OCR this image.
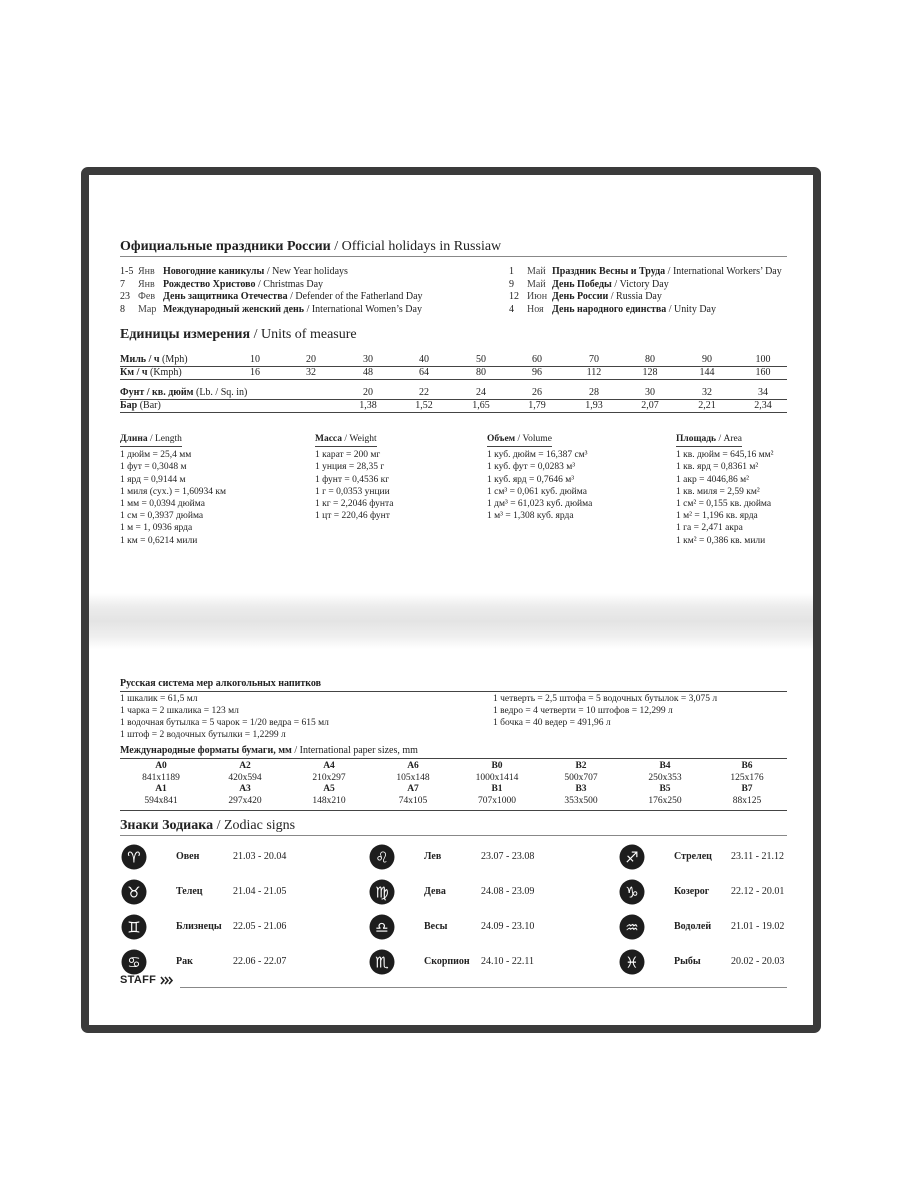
Официальные праздники России / Official holidays in Russiaw
1-5 Янв Новогодние каникулы / New Year holidays
7 Янв Рождество Христово / Christmas Day
23 Фев День защитника Отечества / Defender of the Fatherland Day
8 Мар Международный женский день / International Women’s Day
1 Май Праздник Весны и Труда / International Workers’ Day
9 Май День Победы / Victory Day
12 Июн День России / Russia Day
4 Ноя День народного единства / Unity Day
Единицы измерения / Units of measure
Миль / ч (Mph)	10	20	30	40	50	60	70	80	90	100
Км / ч (Kmph)	16	32	48	64	80	96	112	128	144	160
Фунт / кв. дюйм (Lb. / Sq. in)	20	22	24	26	28	30	32	34
Бар (Bar)	1,38	1,52	1,65	1,79	1,93	2,07	2,21	2,34
Длина / Length
1 дюйм = 25,4 мм
1 фут = 0,3048 м
1 ярд = 0,9144 м
1 миля (сух.) = 1,60934 км
1 мм = 0,0394 дюйма
1 см = 0,3937 дюйма
1 м = 1, 0936 ярда
1 км = 0,6214 мили
Масса / Weight
1 карат = 200 мг
1 унция = 28,35 г
1 фунт = 0,4536 кг
1 г = 0,0353 унции
1 кг = 2,2046 фунта
1 цт = 220,46 фунт
Объем / Volume
1 куб. дюйм = 16,387 см³
1 куб. фут = 0,0283 м³
1 куб. ярд = 0,7646 м³
1 см³ = 0,061 куб. дюйма
1 дм³ = 61,023 куб. дюйма
1 м³ = 1,308 куб. ярда
Площадь / Area
1 кв. дюйм = 645,16 мм²
1 кв. ярд = 0,8361 м²
1 акр = 4046,86 м²
1 кв. миля = 2,59 км²
1 см² = 0,155 кв. дюйма
1 м² = 1,196 кв. ярда
1 га = 2,471 акра
1 км² = 0,386 кв. мили
Русская система мер алкогольных напитков
1 шкалик = 61,5 мл
1 чарка = 2 шкалика = 123 мл
1 водочная бутылка = 5 чарок = 1/20 ведра = 615 мл
1 штоф = 2 водочных бутылки = 1,2299 л
1 четверть = 2,5 штофа = 5 водочных бутылок = 3,075 л
1 ведро = 4 четверти = 10 штофов = 12,299 л
1 бочка = 40 ведер = 491,96 л
Международные форматы бумаги, мм / International paper sizes, mm
A0	A2	A4	A6	B0	B2	B4	B6
841x1189	420x594	210x297	105x148	1000x1414	500x707	250x353	125x176
A1	A3	A5	A7	B1	B3	B5	B7
594x841	297x420	148x210	74x105	707x1000	353x500	176x250	88x125
Знаки Зодиака / Zodiac signs
♈	Овен	21.03 - 20.04
♉	Телец	21.04 - 21.05
♊	Близнецы 22.05 - 21.06
♋	Рак	22.06 - 22.07
♌	Лев	23.07 - 23.08
♍	Дева	24.08 - 23.09
♎	Весы	24.09 - 23.10
♏	Скорпион 24.10 - 22.11
♐	Стрелец 23.11 - 21.12
♑	Козерог 22.12 - 20.01
♒	Водолей 21.01 - 19.02
♓	Рыбы	20.02 - 20.03
STAFF
